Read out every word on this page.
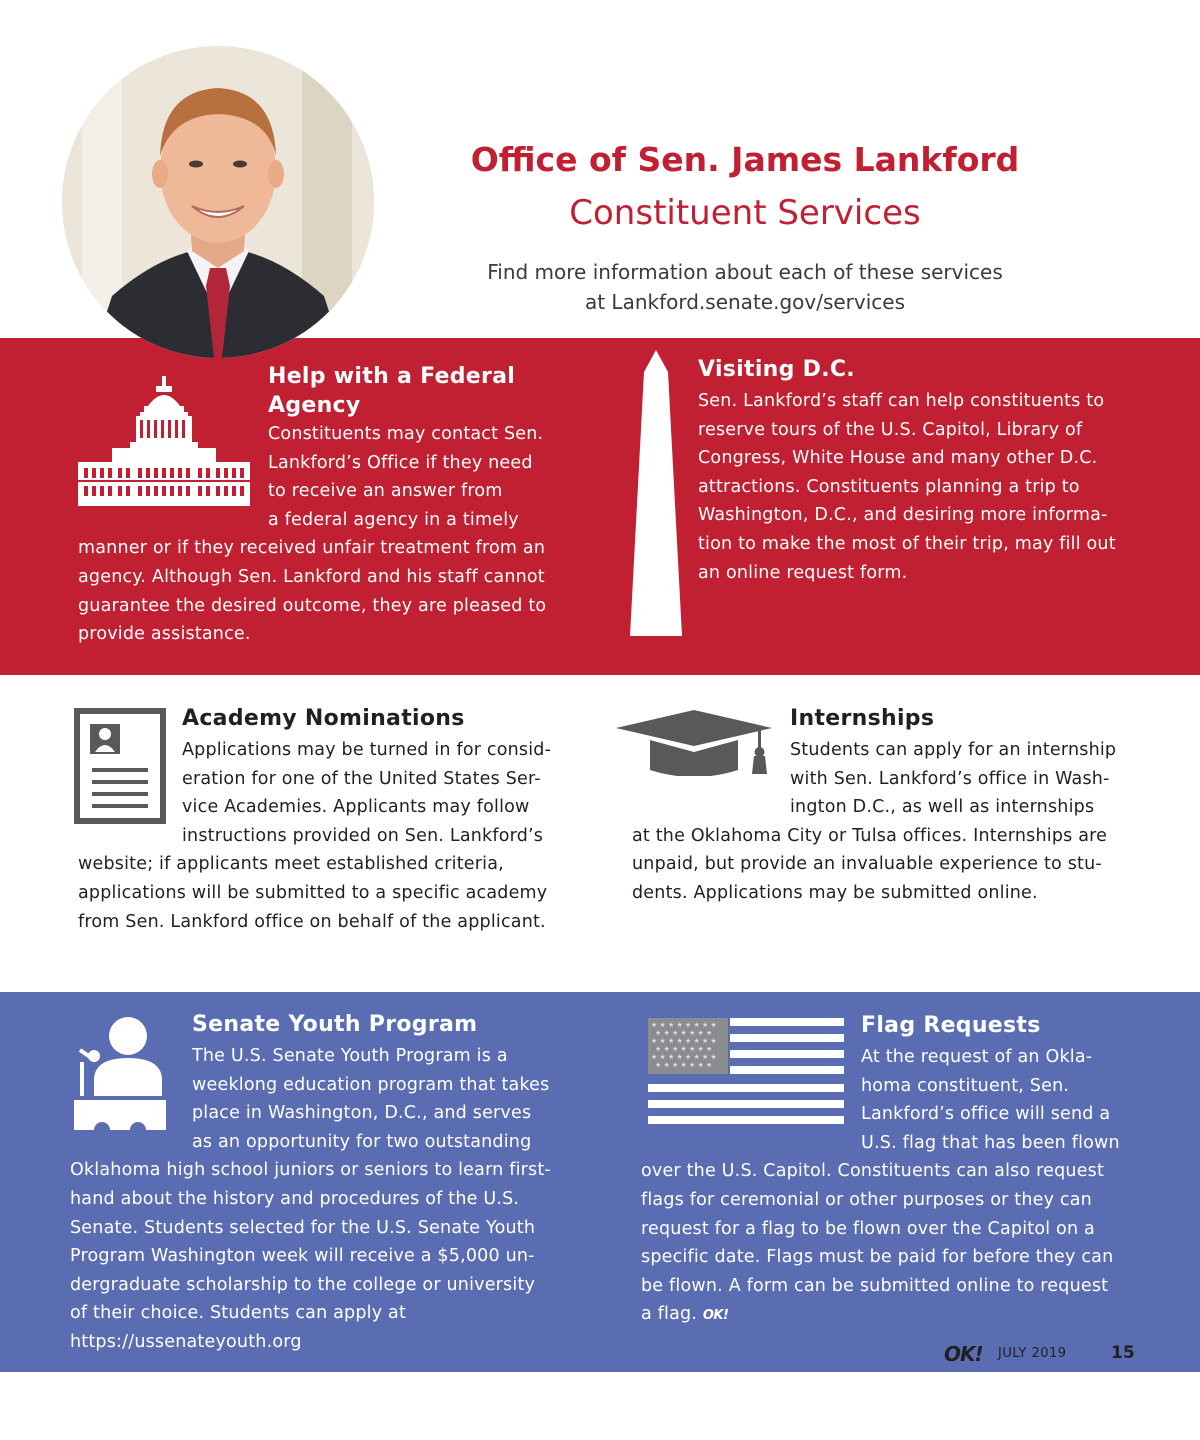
Office of Sen. James Lankford
Constituent Services
Find more information about each of these services
at Lankford.senate.gov/services
Help with a Federal
Agency
Constituents may contact Sen.
Lankford’s Office if they need
to receive an answer from
a federal agency in a timely
manner or if they received unfair treatment from an
agency. Although Sen. Lankford and his staff cannot
guarantee the desired outcome, they are pleased to
provide assistance.
Visiting D.C.
Sen. Lankford’s staff can help constituents to
reserve tours of the U.S. Capitol, Library of
Congress, White House and many other D.C.
attractions. Constituents planning a trip to
Washington, D.C., and desiring more informa-
tion to make the most of their trip, may fill out
an online request form.
Academy Nominations
Applications may be turned in for consid-
eration for one of the United States Ser-
vice Academies. Applicants may follow
instructions provided on Sen. Lankford’s
website; if applicants meet established criteria,
applications will be submitted to a specific academy
from Sen. Lankford office on behalf of the applicant.
Internships
Students can apply for an internship
with Sen. Lankford’s office in Wash-
ington D.C., as well as internships
at the Oklahoma City or Tulsa offices. Internships are
unpaid, but provide an invaluable experience to stu-
dents. Applications may be submitted online.
Senate Youth Program
The U.S. Senate Youth Program is a
weeklong education program that takes
place in Washington, D.C., and serves
as an opportunity for two outstanding
Oklahoma high school juniors or seniors to learn first-
hand about the history and procedures of the U.S.
Senate. Students selected for the U.S. Senate Youth
Program Washington week will receive a $5,000 un-
dergraduate scholarship to the college or university
of their choice. Students can apply at
https://ussenateyouth.org
★ ★ ★ ★ ★ ★ ★ ★
★ ★ ★ ★ ★ ★ ★
★ ★ ★ ★ ★ ★ ★ ★
★ ★ ★ ★ ★ ★ ★
★ ★ ★ ★ ★ ★ ★ ★
★ ★ ★ ★ ★ ★ ★
Flag Requests
At the request of an Okla-
homa constituent, Sen.
Lankford’s office will send a
U.S. flag that has been flown
over the U.S. Capitol. Constituents can also request
flags for ceremonial or other purposes or they can
request for a flag to be flown over the Capitol on a
specific date. Flags must be paid for before they can
be flown. A form can be submitted online to request
a flag. OK!
OK! JULY 2019	15
